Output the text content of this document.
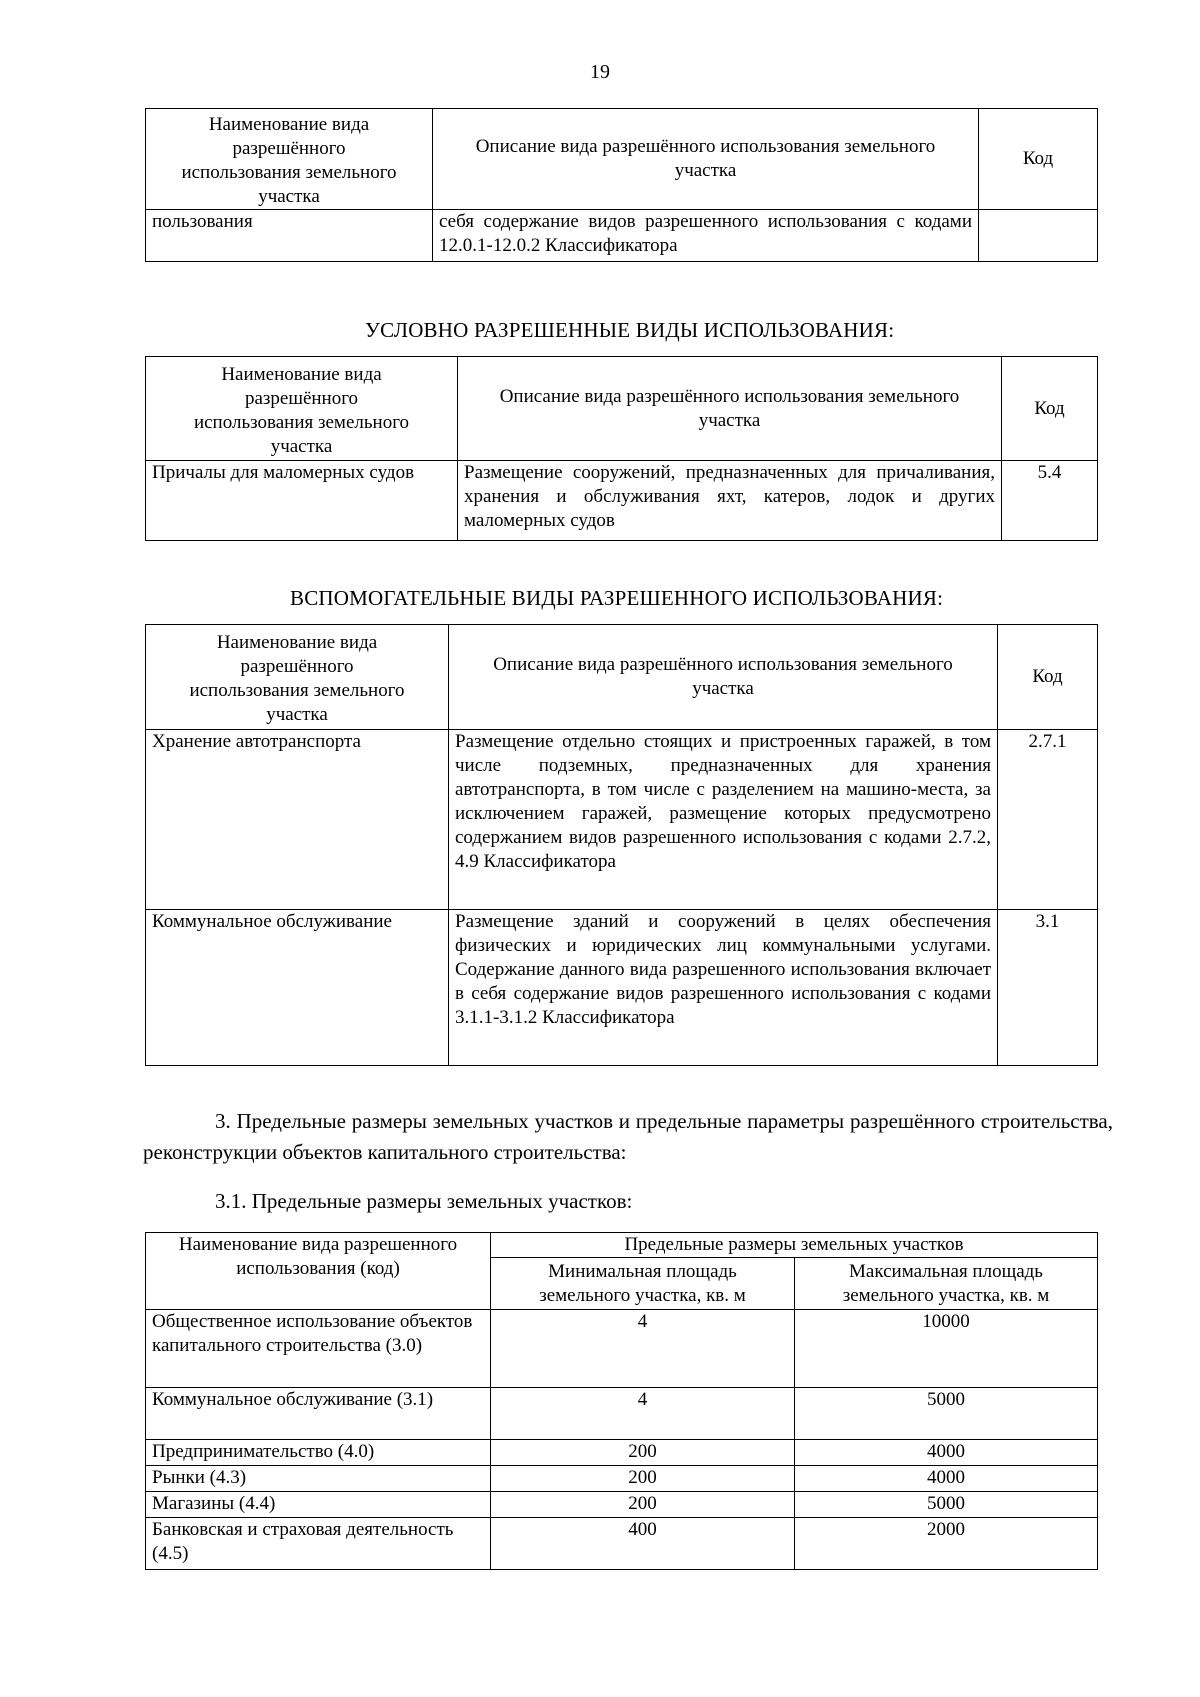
19
Наименование вида разрешённого использования земельного участка	Описание вида разрешённого использования земельного участка	Код
пользования	себя содержание видов разрешенного использования с кодами 12.0.1-12.0.2 Классификатора	
УСЛОВНО РАЗРЕШЕННЫЕ ВИДЫ ИСПОЛЬЗОВАНИЯ:
Наименование вида разрешённого использования земельного участка	Описание вида разрешённого использования земельного участка	Код
Причалы для маломерных судов	Размещение сооружений, предназначенных для причаливания, хранения и обслуживания яхт, катеров, лодок и других маломерных судов	5.4
ВСПОМОГАТЕЛЬНЫЕ ВИДЫ РАЗРЕШЕННОГО ИСПОЛЬЗОВАНИЯ:
Наименование вида разрешённого использования земельного участка	Описание вида разрешённого использования земельного участка	Код
Хранение автотранспорта	Размещение отдельно стоящих и пристроенных гаражей, в том числе подземных, предназначенных для хранения автотранспорта, в том числе с разделением на машино-места, за исключением гаражей, размещение которых предусмотрено содержанием видов разрешенного использования с кодами 2.7.2, 4.9 Классификатора	2.7.1
Коммунальное обслуживание	Размещение зданий и сооружений в целях обеспечения физических и юридических лиц коммунальными услугами. Содержание данного вида разрешенного использования включает в себя содержание видов разрешенного использования с кодами 3.1.1-3.1.2 Классификатора	3.1
3. Предельные размеры земельных участков и предельные параметры разрешённого строительства, реконструкции объектов капитального строительства:
3.1. Предельные размеры земельных участков:
Наименование вида разрешенного использования (код)	Предельные размеры земельных участков	
	Минимальная площадь земельного участка, кв. м	Максимальная площадь земельного участка, кв. м
Общественное использование объектов капитального строительства (3.0)	4	10000
Коммунальное обслуживание (3.1)	4	5000
Предпринимательство (4.0)	200	4000
Рынки (4.3)	200	4000
Магазины (4.4)	200	5000
Банковская и страховая деятельность (4.5)	400	2000
